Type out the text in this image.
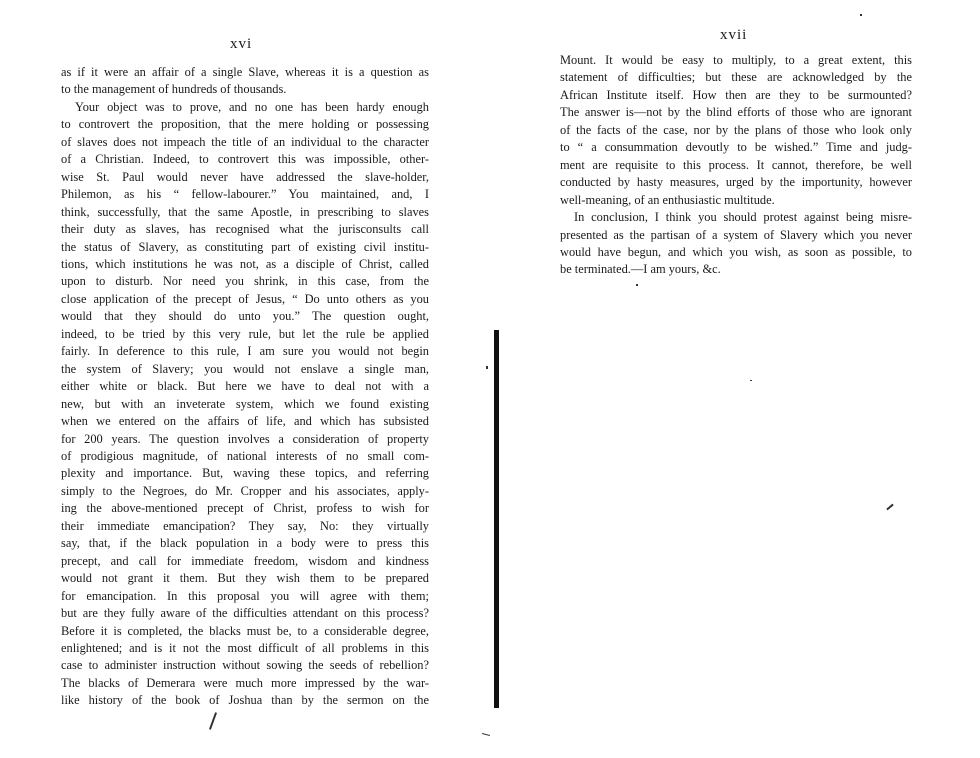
xvi
as if it were an affair of a single Slave, whereas it is a question as
to the management of hundreds of thousands.
Your object was to prove, and no one has been hardy enough
to controvert the proposition, that the mere holding or possessing
of slaves does not impeach the title of an individual to the character
of a Christian. Indeed, to controvert this was impossible, other-
wise St. Paul would never have addressed the slave-holder,
Philemon, as his “ fellow-labourer.” You maintained, and, I
think, successfully, that the same Apostle, in prescribing to slaves
their duty as slaves, has recognised what the jurisconsults call
the status of Slavery, as constituting part of existing civil institu-
tions, which institutions he was not, as a disciple of Christ, called
upon to disturb. Nor need you shrink, in this case, from the
close application of the precept of Jesus, “ Do unto others as you
would that they should do unto you.” The question ought,
indeed, to be tried by this very rule, but let the rule be applied
fairly. In deference to this rule, I am sure you would not begin
the system of Slavery; you would not enslave a single man,
either white or black. But here we have to deal not with a
new, but with an inveterate system, which we found existing
when we entered on the affairs of life, and which has subsisted
for 200 years. The question involves a consideration of property
of prodigious magnitude, of national interests of no small com-
plexity and importance. But, waving these topics, and referring
simply to the Negroes, do Mr. Cropper and his associates, apply-
ing the above-mentioned precept of Christ, profess to wish for
their immediate emancipation? They say, No: they virtually
say, that, if the black population in a body were to press this
precept, and call for immediate freedom, wisdom and kindness
would not grant it them. But they wish them to be prepared
for emancipation. In this proposal you will agree with them;
but are they fully aware of the difficulties attendant on this process?
Before it is completed, the blacks must be, to a considerable degree,
enlightened; and is it not the most difficult of all problems in this
case to administer instruction without sowing the seeds of rebellion?
The blacks of Demerara were much more impressed by the war-
like history of the book of Joshua than by the sermon on the
xvii
Mount. It would be easy to multiply, to a great extent, this
statement of difficulties; but these are acknowledged by the
African Institute itself. How then are they to be surmounted?
The answer is—not by the blind efforts of those who are ignorant
of the facts of the case, nor by the plans of those who look only
to “ a consummation devoutly to be wished.” Time and judg-
ment are requisite to this process. It cannot, therefore, be well
conducted by hasty measures, urged by the importunity, however
well-meaning, of an enthusiastic multitude.
In conclusion, I think you should protest against being misre-
presented as the partisan of a system of Slavery which you never
would have begun, and which you wish, as soon as possible, to
be terminated.—I am yours, &c.
